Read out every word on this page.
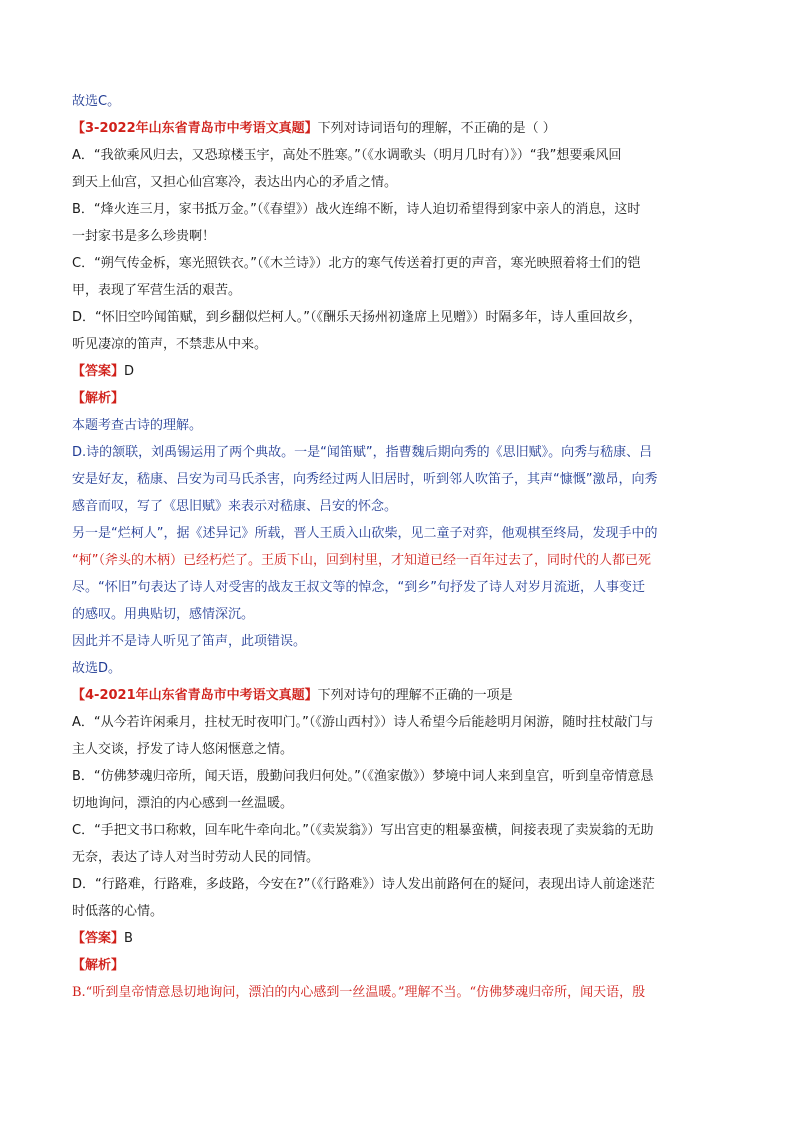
故选C。
【3-2022年山东省青岛市中考语文真题】下列对诗词语句的理解，不正确的是（ ）
A．“我欲乘风归去，又恐琼楼玉宇，高处不胜寒。”（《水调歌头（明月几时有）》）“我”想要乘风回
到天上仙宫，又担心仙宫寒冷，表达出内心的矛盾之情。
B．“烽火连三月，家书抵万金。”（《春望》）战火连绵不断，诗人迫切希望得到家中亲人的消息，这时
一封家书是多么珍贵啊！
C．“朔气传金柝，寒光照铁衣。”（《木兰诗》）北方的寒气传送着打更的声音，寒光映照着将士们的铠
甲，表现了军营生活的艰苦。
D．“怀旧空吟闻笛赋，到乡翻似烂柯人。”（《酬乐天扬州初逢席上见赠》）时隔多年，诗人重回故乡，
听见凄凉的笛声，不禁悲从中来。
【答案】D
【解析】
本题考查古诗的理解。
D.诗的颔联，刘禹锡运用了两个典故。一是“闻笛赋”，指曹魏后期向秀的《思旧赋》。向秀与嵇康、吕
安是好友，嵇康、吕安为司马氏杀害，向秀经过两人旧居时，听到邻人吹笛子，其声“慷慨”激昂，向秀
感音而叹，写了《思旧赋》来表示对嵇康、吕安的怀念。
另一是“烂柯人”，据《述异记》所载，晋人王质入山砍柴，见二童子对弈，他观棋至终局，发现手中的
“柯”（斧头的木柄）已经朽烂了。王质下山，回到村里，才知道已经一百年过去了，同时代的人都已死
尽。“怀旧”句表达了诗人对受害的战友王叔文等的悼念，“到乡”句抒发了诗人对岁月流逝，人事变迁
的感叹。用典贴切，感情深沉。
因此并不是诗人听见了笛声，此项错误。
故选D。
【4-2021年山东省青岛市中考语文真题】下列对诗句的理解不正确的一项是
A．“从今若许闲乘月，拄杖无时夜叩门。”（《游山西村》）诗人希望今后能趁明月闲游，随时拄杖敲门与
主人交谈，抒发了诗人悠闲惬意之情。
B．“仿佛梦魂归帝所，闻天语，殷勤问我归何处。”（《渔家傲》）梦境中词人来到皇宫，听到皇帝情意恳
切地询问，漂泊的内心感到一丝温暖。
C．“手把文书口称敕，回车叱牛牵向北。”（《卖炭翁》）写出宫吏的粗暴蛮横，间接表现了卖炭翁的无助
无奈，表达了诗人对当时劳动人民的同情。
D．“行路难，行路难，多歧路，今安在?”（《行路难》）诗人发出前路何在的疑问，表现出诗人前途迷茫
时低落的心情。
【答案】B
【解析】
B.“听到皇帝情意恳切地询问，漂泊的内心感到一丝温暖。”理解不当。“仿佛梦魂归帝所，闻天语，殷
